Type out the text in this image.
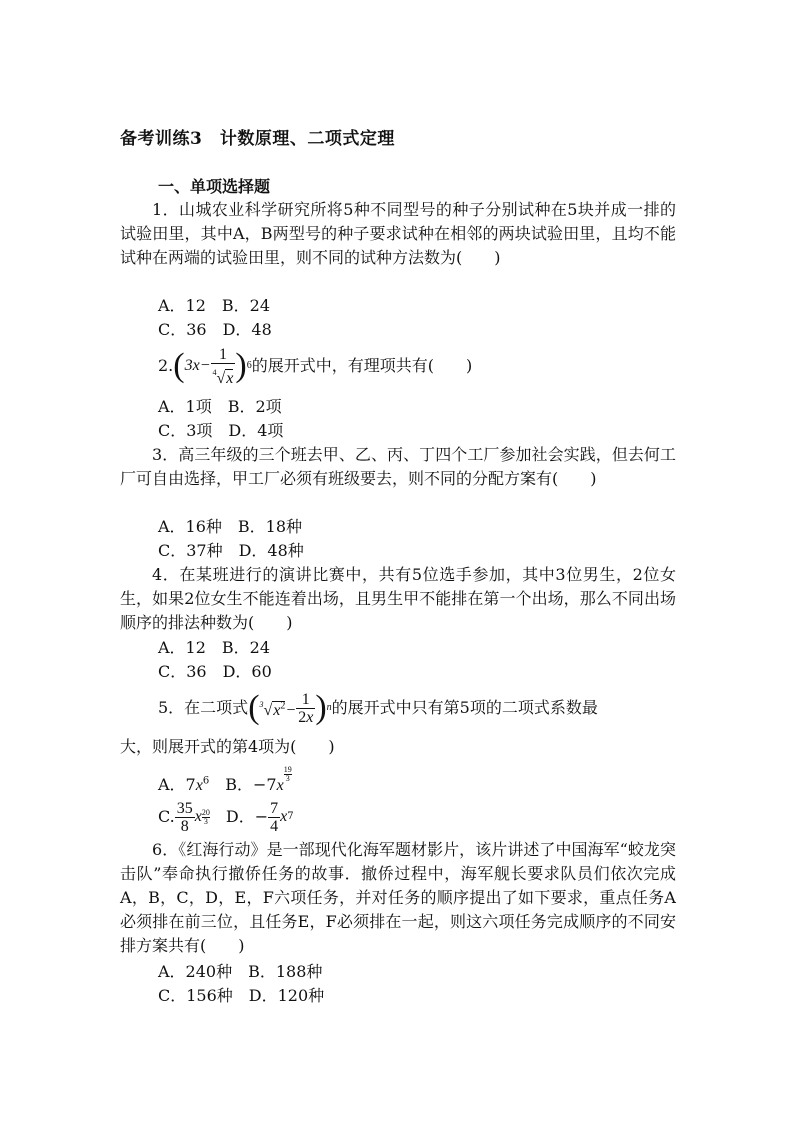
备考训练3　计数原理、二项式定理
一、单项选择题
1．山城农业科学研究所将5种不同型号的种子分别试种在5块并成一排的试验田里，其中A，B两型号的种子要求试种在相邻的两块试验田里，且均不能试种在两端的试验田里，则不同的试种方法数为(　　)
A．12　B．24
C．36　D．48
2. ( $3x- \frac{1}{^4√x}$ ) 6 的展开式中，有理项共有(　　)
A．1项　B．2项
C．3项　D．4项
3．高三年级的三个班去甲、乙、丙、丁四个工厂参加社会实践，但去何工厂可自由选择，甲工厂必须有班级要去，则不同的分配方案有(　　)
A．16种　B．18种
C．37种　D．48种
4．在某班进行的演讲比赛中，共有5位选手参加，其中3位男生，2位女生，如果2位女生不能连着出场，且男生甲不能排在第一个出场，那么不同出场顺序的排法种数为(　　)
A．12　B．24
C．36　D．60
5．在二项式 ( $^3√x^2- \frac{1}{2x}$ ) n 的展开式中只有第5项的二项式系数最
大，则展开式的第4项为(　　)
A．$7x^6$　B．−7x
$\frac{19}{3}$
C. $\frac{35}{8}$ x $\frac{20}{3}$ 　D．− $\frac{7}{4}$ x 7
6．《红海行动》是一部现代化海军题材影片，该片讲述了中国海军“蛟龙突击队”奉命执行撤侨任务的故事．撤侨过程中，海军舰长要求队员们依次完成A，B，C，D，E，F六项任务，并对任务的顺序提出了如下要求，重点任务A必须排在前三位，且任务E，F必须排在一起，则这六项任务完成顺序的不同安排方案共有(　　)
A．240种　B．188种
C．156种　D．120种
